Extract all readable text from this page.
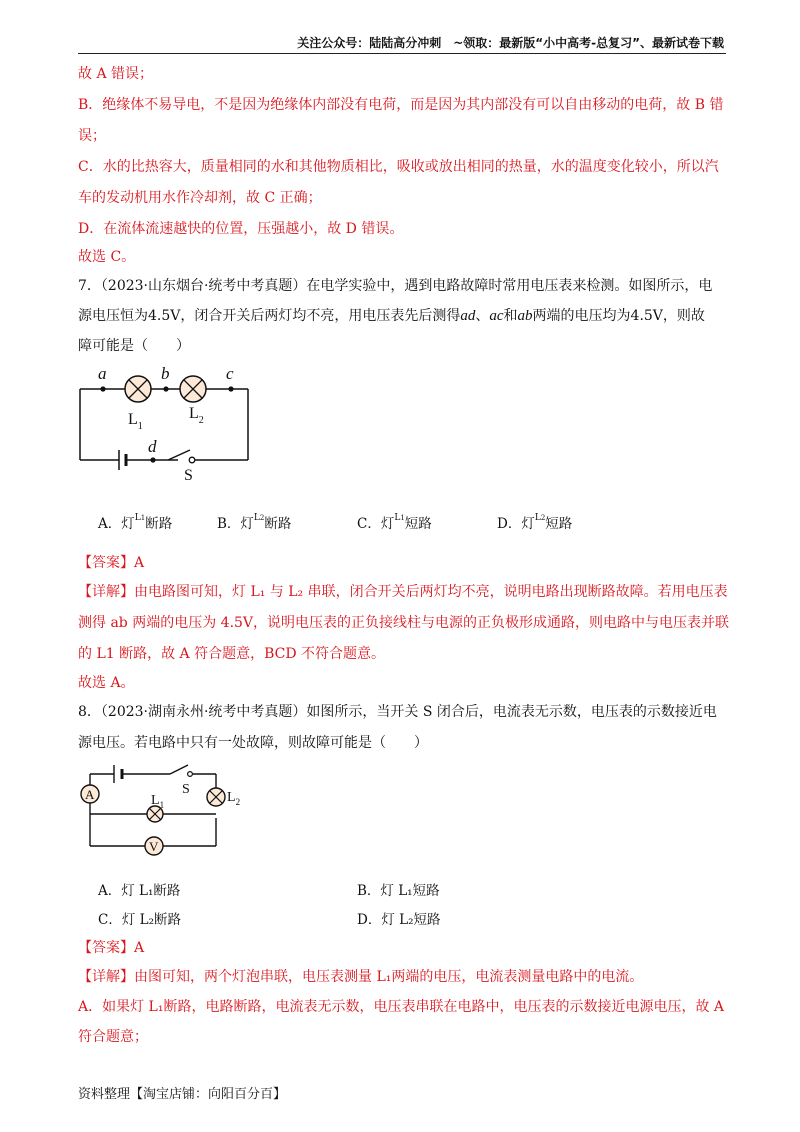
关注公众号：陆陆高分冲刺　~领取：最新版“小中高考-总复习”、最新试卷下载
故 A 错误；
B．绝缘体不易导电，不是因为绝缘体内部没有电荷，而是因为其内部没有可以自由移动的电荷，故 B 错
误；
C．水的比热容大，质量相同的水和其他物质相比，吸收或放出相同的热量，水的温度变化较小，所以汽
车的发动机用水作冷却剂，故 C 正确；
D．在流体流速越快的位置，压强越小，故 D 错误。
故选 C。
7．（2023·山东烟台·统考中考真题）在电学实验中，遇到电路故障时常用电压表来检测。如图所示，电
源电压恒为4.5V，闭合开关后两灯均不亮，用电压表先后测得ad、ac和ab两端的电压均为4.5V，则故
障可能是（　　）
a	b	c
d
$L_1$
$L_2$
S
A．灯$^{L1}$断路	B．灯$^{L2}$断路	C．灯$^{L1}$短路	D．灯$^{L2}$短路
【答案】A
【详解】由电路图可知，灯 L₁ 与 L₂ 串联，闭合开关后两灯均不亮，说明电路出现断路故障。若用电压表
测得 ab 两端的电压为 4.5V，说明电压表的正负接线柱与电源的正负极形成通路，则电路中与电压表并联
的 L1 断路，故 A 符合题意，BCD 不符合题意。
故选 A。
8．（2023·湖南永州·统考中考真题）如图所示，当开关 S 闭合后，电流表无示数，电压表的示数接近电
源电压。若电路中只有一处故障，则故障可能是（　　）
A
V
S
$L_1$	$L_2$
A．灯 L₁断路	B．灯 L₁短路
C．灯 L₂断路	D．灯 L₂短路
【答案】A
【详解】由图可知，两个灯泡串联，电压表测量 L₁两端的电压，电流表测量电路中的电流。
A．如果灯 L₁断路，电路断路，电流表无示数，电压表串联在电路中，电压表的示数接近电源电压，故 A
符合题意；
资料整理【淘宝店铺：向阳百分百】
